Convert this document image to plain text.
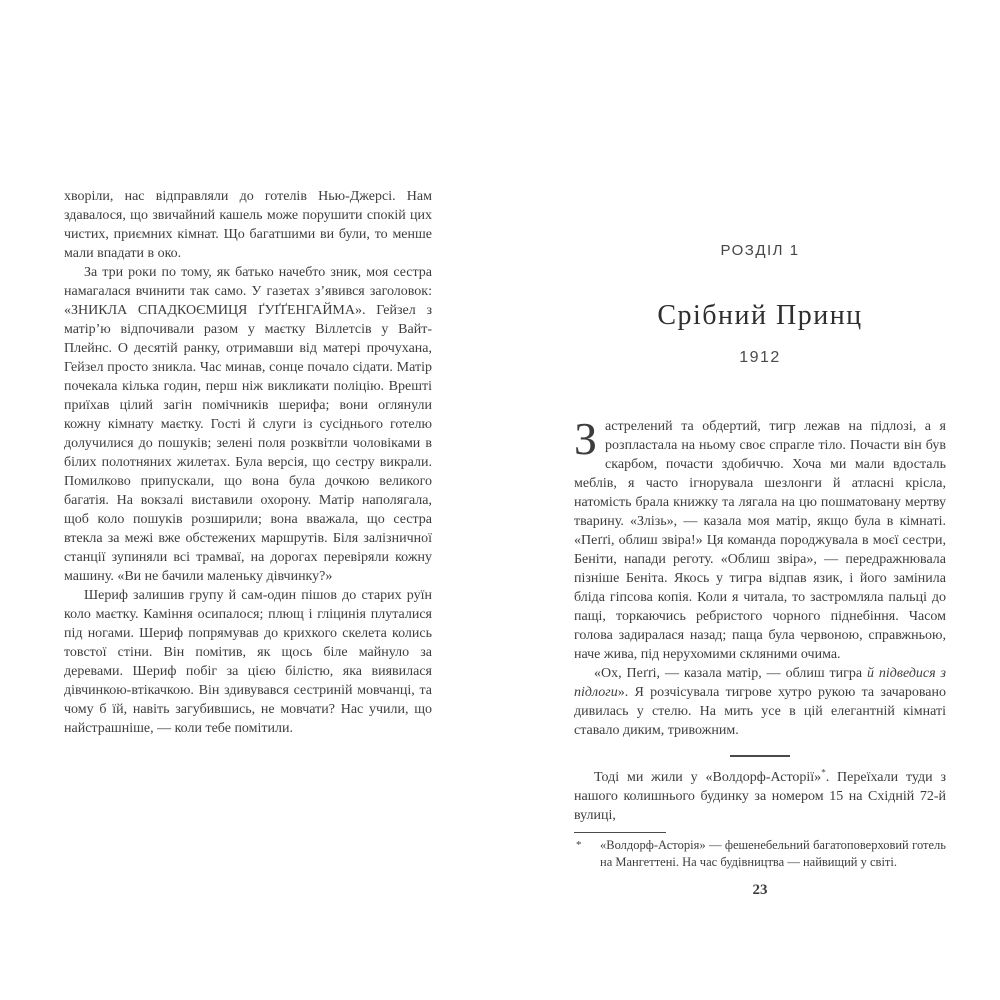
хворіли, нас відправляли до готелів Нью-Джерсі. Нам здавалося, що звичайний кашель може порушити спокій цих чистих, приємних кімнат. Що багатшими ви були, то менше мали впадати в око.

За три роки по тому, як батько начебто зник, моя сестра намагалася вчинити так само. У газетах з’явився заголовок: «ЗНИКЛА СПАДКОЄМИЦЯ ҐУҐҐЕНГАЙМА». Гейзел з матір’ю відпочивали разом у маєтку Віллетсів у Вайт-Плейнс. О десятій ранку, отримавши від матері прочухана, Гейзел просто зникла. Час минав, сонце почало сідати. Матір почекала кілька годин, перш ніж викликати поліцію. Врешті приїхав цілий загін помічників шерифа; вони оглянули кожну кімнату маєтку. Гості й слуги із сусіднього готелю долучилися до пошуків; зелені поля розквітли чоловіками в білих полотняних жилетах. Була версія, що сестру викрали. Помилково припускали, що вона була дочкою великого багатія. На вокзалі виставили охорону. Матір наполягала, щоб коло пошуків розширили; вона вважала, що сестра втекла за межі вже обстежених маршрутів. Біля залізничної станції зупиняли всі трамваї, на дорогах перевіряли кожну машину. «Ви не бачили маленьку дівчинку?»

Шериф залишив групу й сам-один пішов до старих руїн коло маєтку. Каміння осипалося; плющ і гліцинія плуталися під ногами. Шериф попрямував до крихкого скелета колись товстої стіни. Він помітив, як щось біле майнуло за деревами. Шериф побіг за цією білістю, яка виявилася дівчинкою-втікачкою. Він здивувався сестриній мовчанці, та чому б їй, навіть загубившись, не мовчати? Нас учили, що найстрашніше, — коли тебе помітили.

РОЗДІЛ 1
Срібний Принц
1912

Застрелений та обдертий, тигр лежав на підлозі, а я розпластала на ньому своє спрагле тіло. Почасти він був скарбом, почасти здобиччю. Хоча ми мали вдосталь меблів, я часто ігнорувала шезлонги й атласні крісла, натомість брала книжку та лягала на цю пошматовану мертву тварину. «Злізь», — казала моя матір, якщо була в кімнаті. «Пеґґі, облиш звіра!» Ця команда породжувала в моєї сестри, Беніти, напади реготу. «Облиш звіра», — передражнювала пізніше Беніта. Якось у тигра відпав язик, і його замінила бліда гіпсова копія. Коли я читала, то застромляла пальці до пащі, торкаючись ребристого чорного піднебіння. Часом голова задиралася назад; паща була червоною, справжньою, наче жива, під нерухомими скляними очима.

«Ох, Пеґґі, — казала матір, — облиш тигра й підведися з підлоги». Я розчісувала тигрове хутро рукою та зачаровано дивилась у стелю. На мить усе в цій елегантній кімнаті ставало диким, тривожним.

Тоді ми жили у «Волдорф-Асторії»*. Переїхали туди з нашого колишнього будинку за номером 15 на Східній 72-й вулиці,

* «Волдорф-Асторія» — фешенебельний багатоповерховий готель на Мангеттені. На час будівництва — найвищий у світі.
23
